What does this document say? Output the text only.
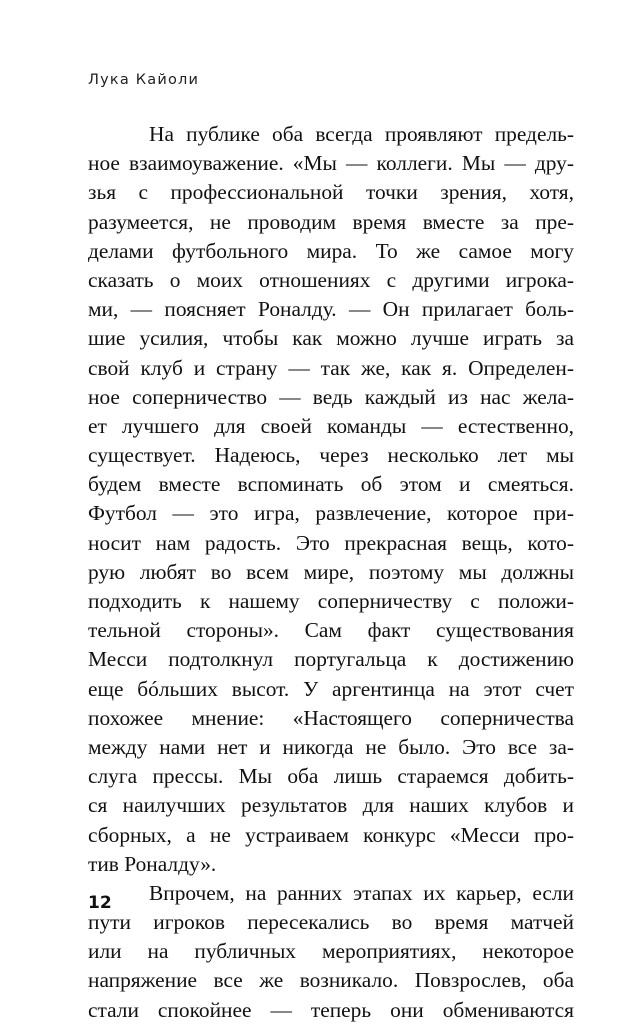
Лука Кайоли
На публике оба всегда проявляют предель-
ное взаимоуважение. «Мы — коллеги. Мы — дру-
зья с профессиональной точки зрения, хотя,
разумеется, не проводим время вместе за пре-
делами футбольного мира. То же самое могу
сказать о моих отношениях с другими игрока-
ми, — поясняет Роналду. — Он прилагает боль-
шие усилия, чтобы как можно лучше играть за
свой клуб и страну — так же, как я. Определен-
ное соперничество — ведь каждый из нас жела-
ет лучшего для своей команды — естественно,
существует. Надеюсь, через несколько лет мы
будем вместе вспоминать об этом и смеяться.
Футбол — это игра, развлечение, которое при-
носит нам радость. Это прекрасная вещь, кото-
рую любят во всем мире, поэтому мы должны
подходить к нашему соперничеству с положи-
тельной стороны». Сам факт существования
Месси подтолкнул португальца к достижению
еще бóльших высот. У аргентинца на этот счет
похожее мнение: «Настоящего соперничества
между нами нет и никогда не было. Это все за-
слуга прессы. Мы оба лишь стараемся добить-
ся наилучших результатов для наших клубов и
сборных, а не устраиваем конкурс «Месси про-
тив Роналду».
Впрочем, на ранних этапах их карьер, если
пути игроков пересекались во время матчей
или на публичных мероприятиях, некоторое
напряжение все же возникало. Повзрослев, оба
стали спокойнее — теперь они обмениваются
12
